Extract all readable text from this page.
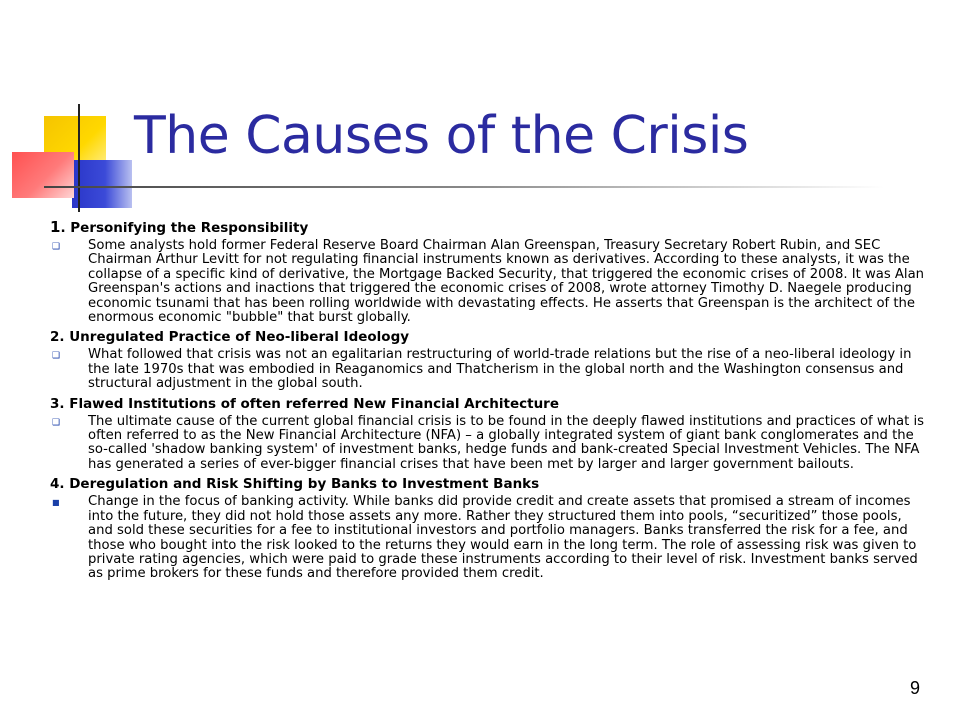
The Causes of the Crisis

1. Personifying the Responsibility

❑	Some analysts hold former Federal Reserve Board Chairman Alan Greenspan, Treasury Secretary Robert Rubin, and SEC Chairman Arthur Levitt for not regulating financial instruments known as derivatives. According to these analysts, it was the collapse of a specific kind of derivative, the Mortgage Backed Security, that triggered the economic crises of 2008. It was Alan Greenspan's actions and inactions that triggered the economic crises of 2008, wrote attorney Timothy D. Naegele producing economic tsunami that has been rolling worldwide with devastating effects. He asserts that Greenspan is the architect of the enormous economic "bubble" that burst globally.

2. Unregulated Practice of Neo-liberal Ideology

❑	What followed that crisis was not an egalitarian restructuring of world-trade relations but the rise of a neo-liberal ideology in the late 1970s that was embodied in Reaganomics and Thatcherism in the global north and the Washington consensus and structural adjustment in the global south.

3. Flawed Institutions of often referred New Financial Architecture

❑	The ultimate cause of the current global financial crisis is to be found in the deeply flawed institutions and practices of what is often referred to as the New Financial Architecture (NFA) – a globally integrated system of giant bank conglomerates and the so-called 'shadow banking system' of investment banks, hedge funds and bank-created Special Investment Vehicles. The NFA has generated a series of ever-bigger financial crises that have been met by larger and larger government bailouts.

4. Deregulation and Risk Shifting by Banks to Investment Banks

■	Change in the focus of banking activity. While banks did provide credit and create assets that promised a stream of incomes into the future, they did not hold those assets any more. Rather they structured them into pools, “securitized” those pools, and sold these securities for a fee to institutional investors and portfolio managers. Banks transferred the risk for a fee, and those who bought into the risk looked to the returns they would earn in the long term. The role of assessing risk was given to private rating agencies, which were paid to grade these instruments according to their level of risk. Investment banks served as prime brokers for these funds and therefore provided them credit.

9
